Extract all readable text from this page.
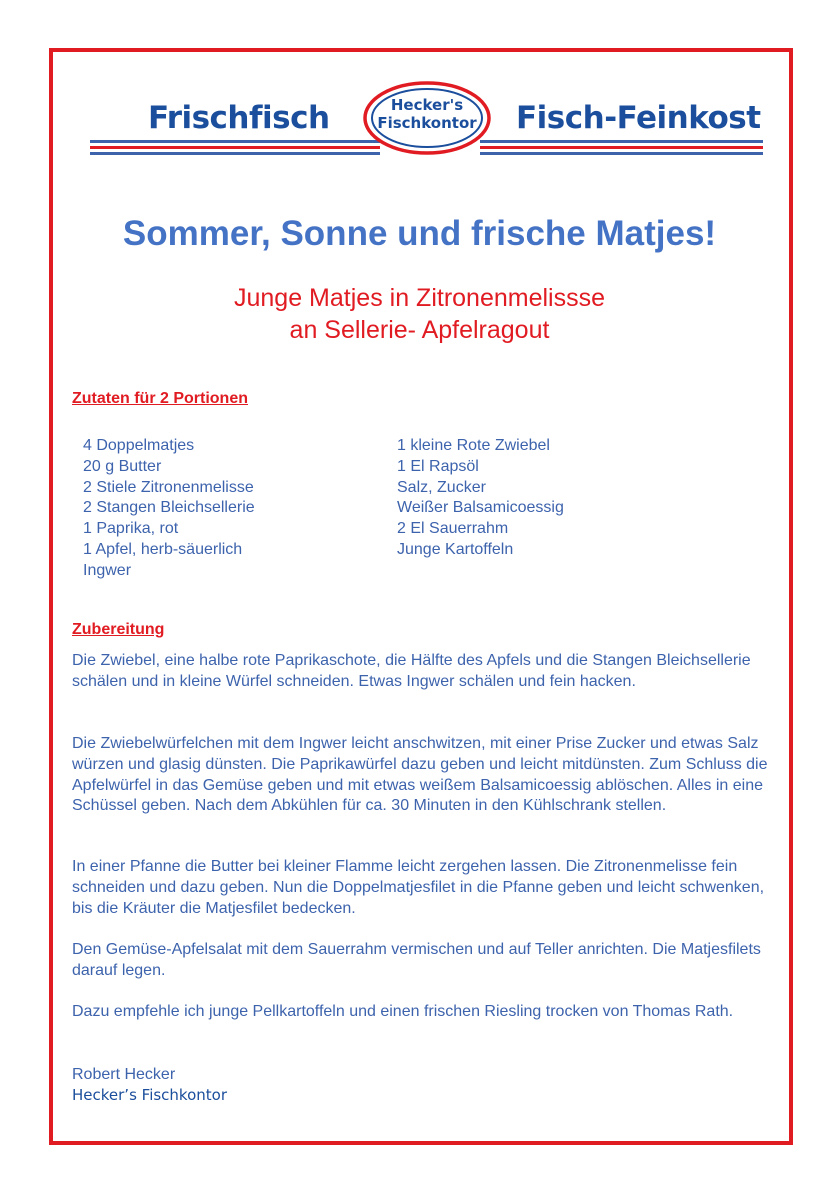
Frischfisch	Fisch-Feinkost
Hecker's
Fischkontor
Sommer, Sonne und frische Matjes!
Junge Matjes in Zitronenmelissse
an Sellerie- Apfelragout
Zutaten für 2 Portionen
4 Doppelmatjes
20 g Butter
2 Stiele Zitronenmelisse
2 Stangen Bleichsellerie
1 Paprika, rot
1 Apfel, herb-säuerlich
Ingwer
1 kleine Rote Zwiebel
1 El Rapsöl
Salz, Zucker
Weißer Balsamicoessig
2 El Sauerrahm
Junge Kartoffeln
Zubereitung
Die Zwiebel, eine halbe rote Paprikaschote, die Hälfte des Apfels und die Stangen Bleichsellerie schälen und in kleine Würfel schneiden. Etwas Ingwer schälen und fein hacken.
Die Zwiebelwürfelchen mit dem Ingwer leicht anschwitzen, mit einer Prise Zucker und etwas Salz würzen und glasig dünsten. Die Paprikawürfel dazu geben und leicht mitdünsten. Zum Schluss die Apfelwürfel in das Gemüse geben und mit etwas weißem Balsamicoessig ablöschen. Alles in eine Schüssel geben. Nach dem Abkühlen für ca. 30 Minuten in den Kühlschrank stellen.
In einer Pfanne die Butter bei kleiner Flamme leicht zergehen lassen. Die Zitronenmelisse fein schneiden und dazu geben. Nun die Doppelmatjesfilet in die Pfanne geben und leicht schwenken, bis die Kräuter die Matjesfilet bedecken.
Den Gemüse-Apfelsalat mit dem Sauerrahm vermischen und auf Teller anrichten. Die Matjesfilets darauf legen.
Dazu empfehle ich junge Pellkartoffeln und einen frischen Riesling trocken von Thomas Rath.
Robert Hecker
Hecker’s Fischkontor
